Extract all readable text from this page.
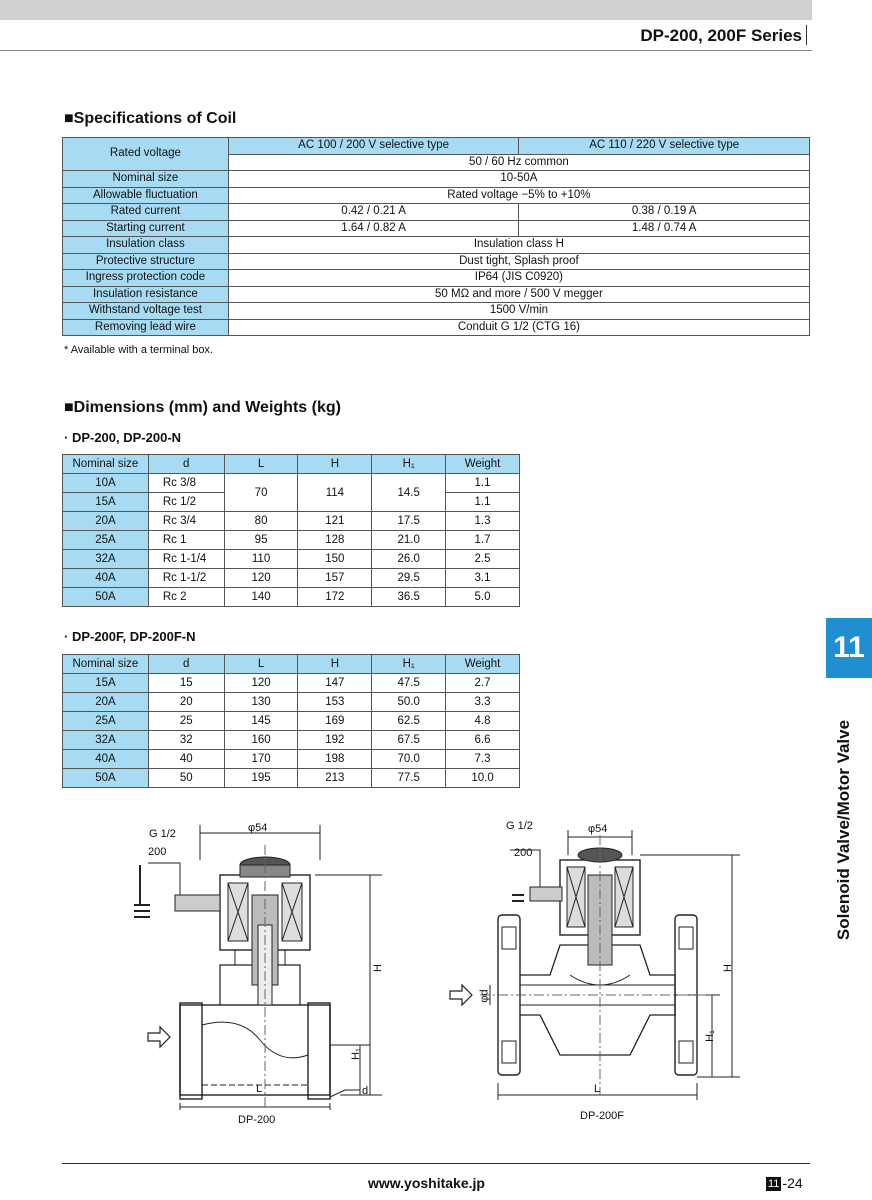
DP-200, 200F Series
■Specifications of Coil
Rated voltage	AC 100 / 200 V selective type	AC 110 / 220 V selective type
	50 / 60 Hz common	
Nominal size	10-50A	
Allowable fluctuation	Rated voltage −5% to +10%	
Rated current	0.42 / 0.21 A	0.38 / 0.19 A
Starting current	1.64 / 0.82 A	1.48 / 0.74 A
Insulation class	Insulation class H	
Protective structure	Dust tight, Splash proof	
Ingress protection code	IP64 (JIS C0920)	
Insulation resistance	50 MΩ and more / 500 V megger	
Withstand voltage test	1500 V/min	
Removing lead wire	Conduit G 1/2 (CTG 16)	
* Available with a terminal box.
■Dimensions (mm) and Weights (kg)
· DP-200, DP-200-N
Nominal size	d	L	H	H₁	Weight
10A	Rc 3/8	70	114	14.5	1.1
15A	Rc 1/2				1.1
20A	Rc 3/4	80	121	17.5	1.3
25A	Rc 1	95	128	21.0	1.7
32A	Rc 1-1/4	110	150	26.0	2.5
40A	Rc 1-1/2	120	157	29.5	3.1
50A	Rc 2	140	172	36.5	5.0
· DP-200F, DP-200F-N
Nominal size	d	L	H	H₁	Weight
15A	15	120	147	47.5	2.7
20A	20	130	153	50.0	3.3
25A	25	145	169	62.5	4.8
32A	32	160	192	67.5	6.6
40A	40	170	198	70.0	7.3
50A	50	195	213	77.5	10.0
G 1/2
200
φ54
H
H₁
L	d
DP-200
G 1/2
200
φ54
H
H₁
φd
L
DP-200F
11
Solenoid Valve/Motor Valve
www.yoshitake.jp	11 -24
